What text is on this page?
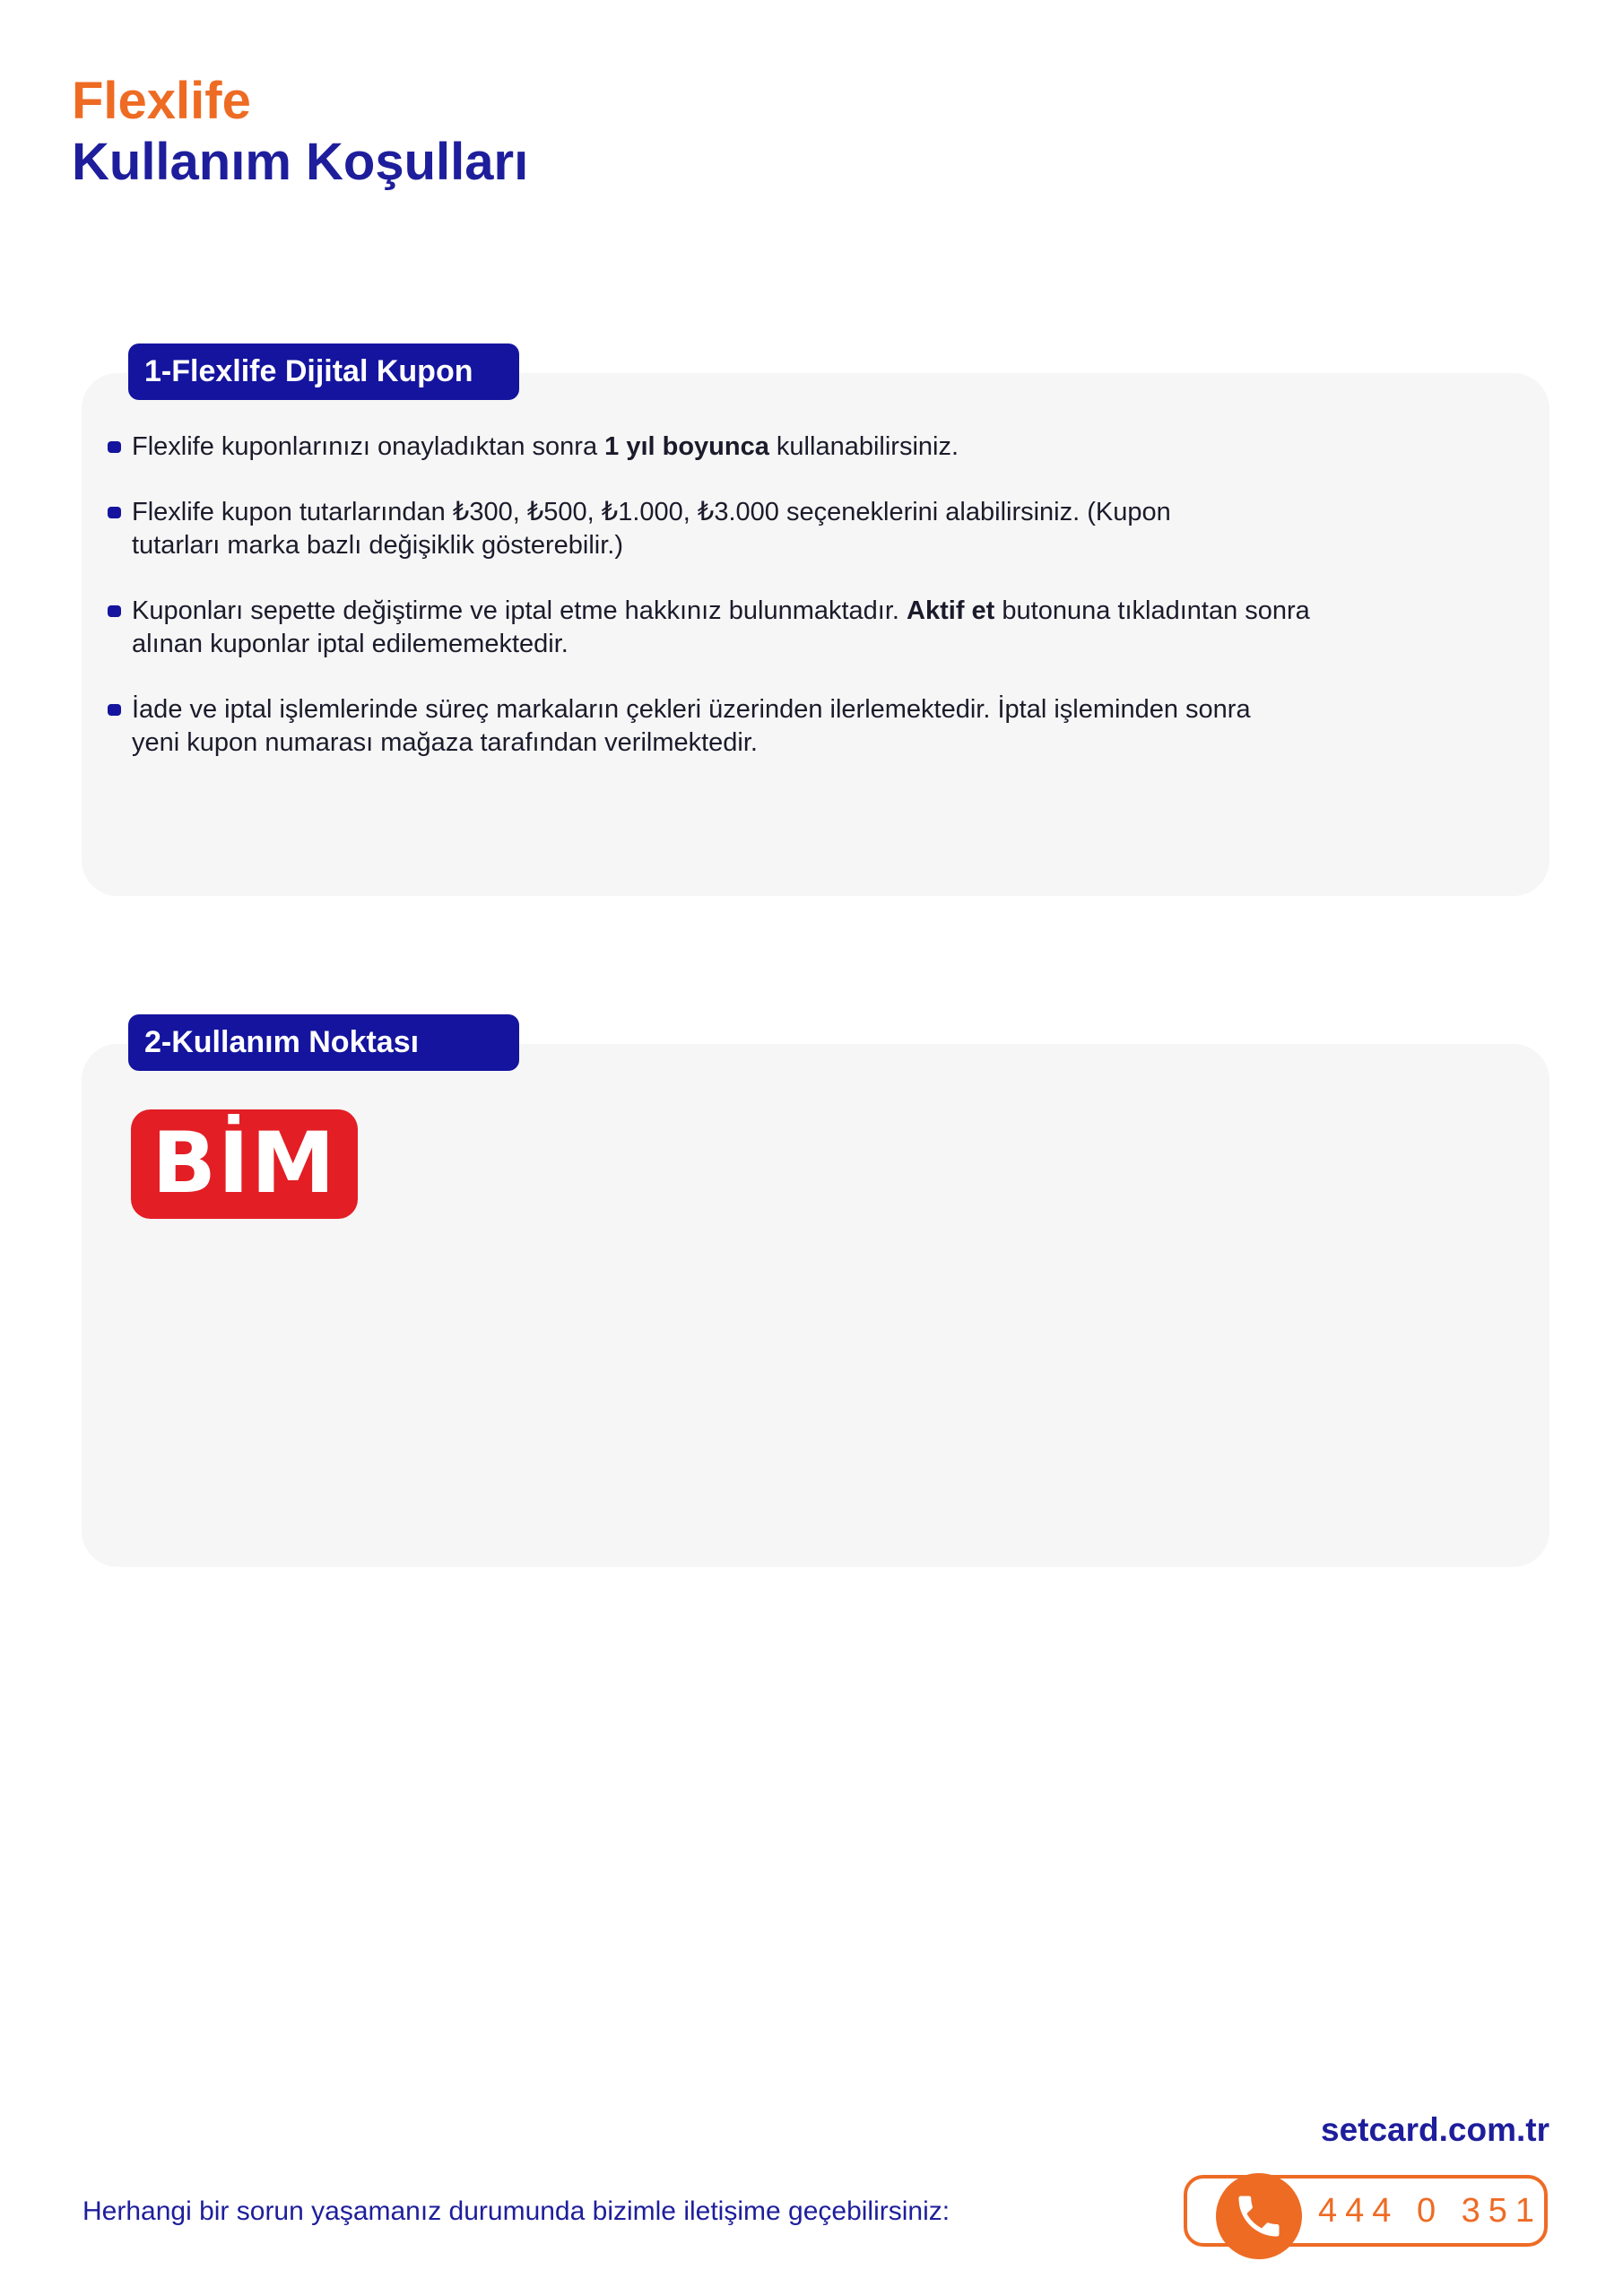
Flexlife
Kullanım Koşulları
1-Flexlife Dijital Kupon
Flexlife kuponlarınızı onayladıktan sonra 1 yıl boyunca kullanabilirsiniz.
Flexlife kupon tutarlarından ₺300, ₺500, ₺1.000, ₺3.000 seçeneklerini alabilirsiniz. (Kupon tutarları marka bazlı değişiklik gösterebilir.)
Kuponları sepette değiştirme ve iptal etme hakkınız bulunmaktadır. Aktif et butonuna tıkladıntan sonra alınan kuponlar iptal edilememektedir.
İade ve iptal işlemlerinde süreç markaların çekleri üzerinden ilerlemektedir. İptal işleminden sonra yeni kupon numarası mağaza tarafından verilmektedir.
2-Kullanım Noktası
BİM
setcard.com.tr
Herhangi bir sorun yaşamanız durumunda bizimle iletişime geçebilirsiniz:	444 0 351
